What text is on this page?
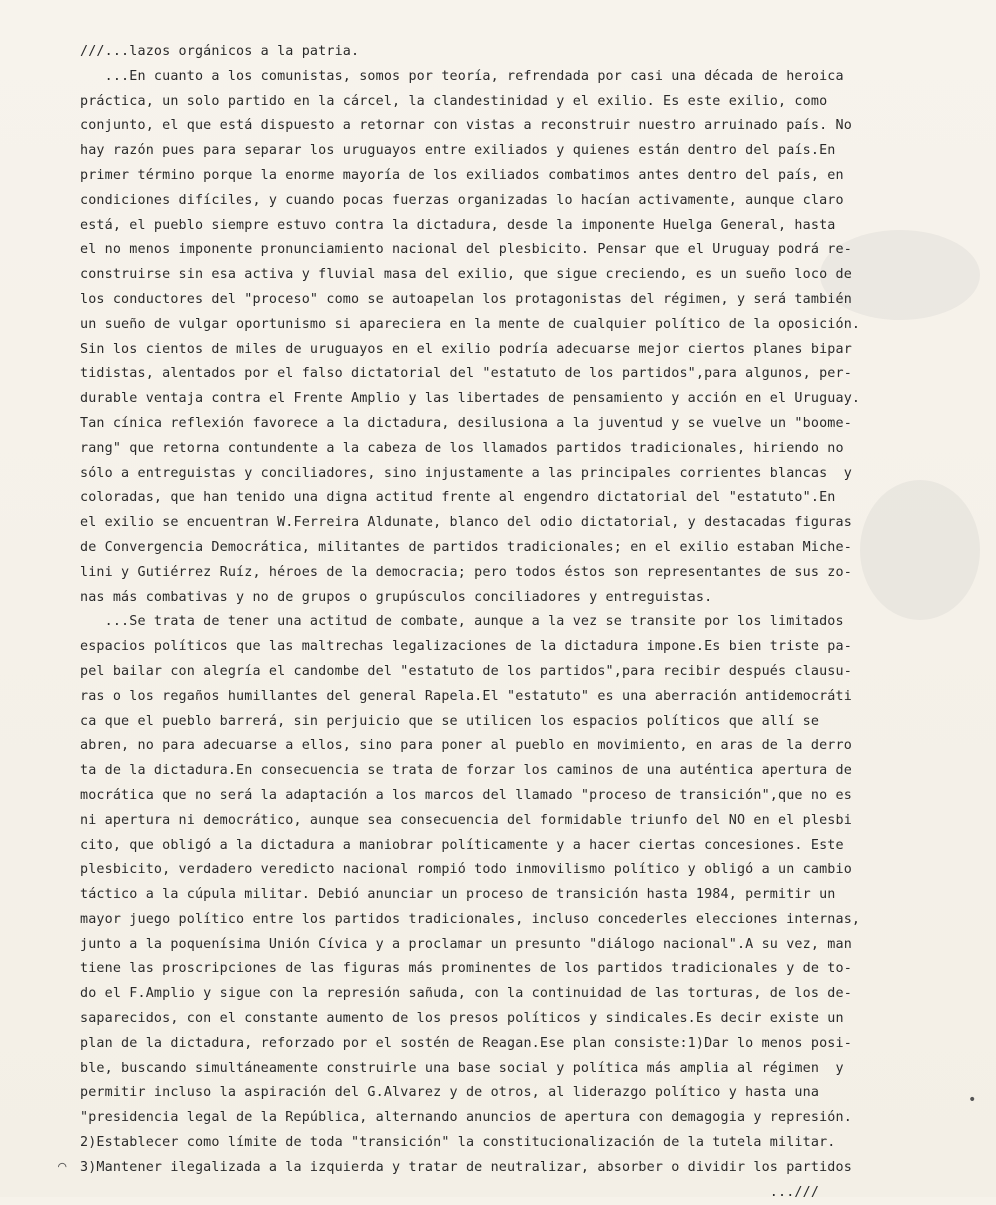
⌒
•
///...lazos orgánicos a la patria.
...En cuanto a los comunistas, somos por teoría, refrendada por casi una década de heroica
práctica, un solo partido en la cárcel, la clandestinidad y el exilio. Es este exilio, como
conjunto, el que está dispuesto a retornar con vistas a reconstruir nuestro arruinado país. No
hay razón pues para separar los uruguayos entre exiliados y quienes están dentro del país.En
primer término porque la enorme mayoría de los exiliados combatimos antes dentro del país, en
condiciones difíciles, y cuando pocas fuerzas organizadas lo hacían activamente, aunque claro
está, el pueblo siempre estuvo contra la dictadura, desde la imponente Huelga General, hasta
el no menos imponente pronunciamiento nacional del plesbicito. Pensar que el Uruguay podrá re-
construirse sin esa activa y fluvial masa del exilio, que sigue creciendo, es un sueño loco de
los conductores del "proceso" como se autoapelan los protagonistas del régimen, y será también
un sueño de vulgar oportunismo si apareciera en la mente de cualquier político de la oposición.
Sin los cientos de miles de uruguayos en el exilio podría adecuarse mejor ciertos planes bipar
tidistas, alentados por el falso dictatorial del "estatuto de los partidos",para algunos, per-
durable ventaja contra el Frente Amplio y las libertades de pensamiento y acción en el Uruguay.
Tan cínica reflexión favorece a la dictadura, desilusiona a la juventud y se vuelve un "boome-
rang" que retorna contundente a la cabeza de los llamados partidos tradicionales, hiriendo no
sólo a entreguistas y conciliadores, sino injustamente a las principales corrientes blancas  y
coloradas, que han tenido una digna actitud frente al engendro dictatorial del "estatuto".En
el exilio se encuentran W.Ferreira Aldunate, blanco del odio dictatorial, y destacadas figuras
de Convergencia Democrática, militantes de partidos tradicionales; en el exilio estaban Miche-
lini y Gutiérrez Ruíz, héroes de la democracia; pero todos éstos son representantes de sus zo-
nas más combativas y no de grupos o grupúsculos conciliadores y entreguistas.
...Se trata de tener una actitud de combate, aunque a la vez se transite por los limitados
espacios políticos que las maltrechas legalizaciones de la dictadura impone.Es bien triste pa-
pel bailar con alegría el candombe del "estatuto de los partidos",para recibir después clausu-
ras o los regaños humillantes del general Rapela.El "estatuto" es una aberración antidemocráti
ca que el pueblo barrerá, sin perjuicio que se utilicen los espacios políticos que allí se
abren, no para adecuarse a ellos, sino para poner al pueblo en movimiento, en aras de la derro
ta de la dictadura.En consecuencia se trata de forzar los caminos de una auténtica apertura de
mocrática que no será la adaptación a los marcos del llamado "proceso de transición",que no es
ni apertura ni democrático, aunque sea consecuencia del formidable triunfo del NO en el plesbi
cito, que obligó a la dictadura a maniobrar políticamente y a hacer ciertas concesiones. Este
plesbicito, verdadero veredicto nacional rompió todo inmovilismo político y obligó a un cambio
táctico a la cúpula militar. Debió anunciar un proceso de transición hasta 1984, permitir un
mayor juego político entre los partidos tradicionales, incluso concederles elecciones internas,
junto a la poquenísima Unión Cívica y a proclamar un presunto "diálogo nacional".A su vez, man
tiene las proscripciones de las figuras más prominentes de los partidos tradicionales y de to-
do el F.Amplio y sigue con la represión sañuda, con la continuidad de las torturas, de los de-
saparecidos, con el constante aumento de los presos políticos y sindicales.Es decir existe un
plan de la dictadura, reforzado por el sostén de Reagan.Ese plan consiste:1)Dar lo menos posi-
ble, buscando simultáneamente construirle una base social y política más amplia al régimen  y
permitir incluso la aspiración del G.Alvarez y de otros, al liderazgo político y hasta una
"presidencia legal de la República, alternando anuncios de apertura con demagogia y represión.
2)Establecer como límite de toda "transición" la constitucionalización de la tutela militar.
3)Mantener ilegalizada a la izquierda y tratar de neutralizar, absorber o dividir los partidos
...///
